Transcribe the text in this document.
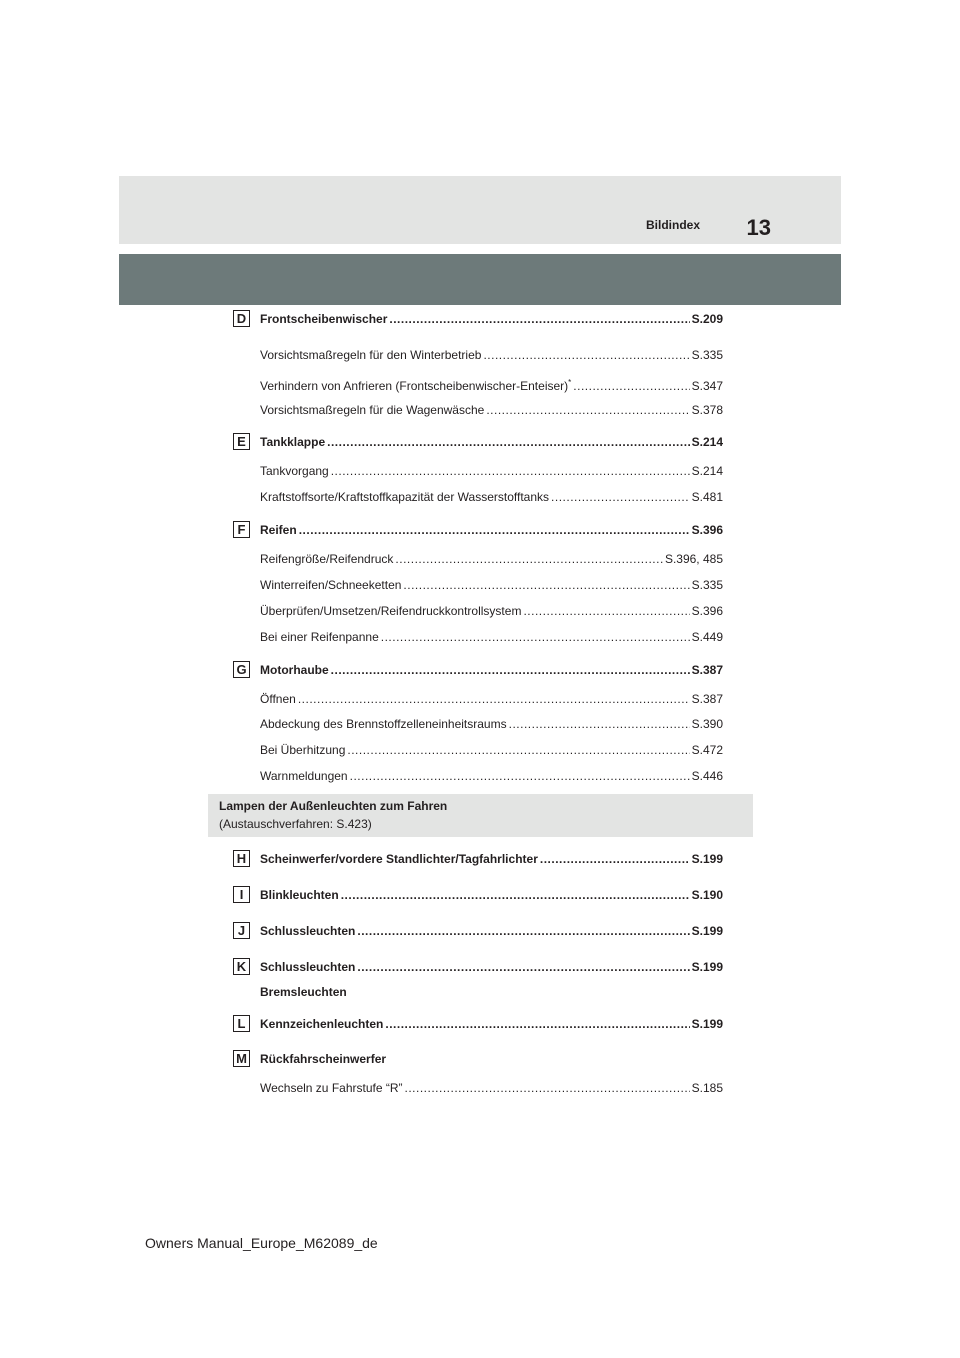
Bildindex 13
D	Frontscheibenwischer .....	S.209
Vorsichtsmaßregeln für den Winterbetrieb .....	S.335
Verhindern von Anfrieren (Frontscheibenwischer-Enteiser)* .....	S.347
Vorsichtsmaßregeln für die Wagenwäsche .....	S.378
E	Tankklappe .....	S.214
Tankvorgang .....	S.214
Kraftstoffsorte/Kraftstoffkapazität der Wasserstofftanks .....	S.481
F	Reifen .....	S.396
Reifengröße/Reifendruck .....	S.396, 485
Winterreifen/Schneeketten .....	S.335
Überprüfen/Umsetzen/Reifendruckkontrollsystem .....	S.396
Bei einer Reifenpanne .....	S.449
G Motorhaube .....	S.387
Öffnen .....	S.387
Abdeckung des Brennstoffzelleneinheitsraums .....	S.390
Bei Überhitzung .....	S.472
Warnmeldungen .....	S.446
Lampen der Außenleuchten zum Fahren
(Austauschverfahren: S.423)
H	Scheinwerfer/vordere Standlichter/Tagfahrlichter .....	S.199
I	Blinkleuchten .....	S.190
J	Schlussleuchten .....	S.199
K	Schlussleuchten .....	S.199
Bremsleuchten
L	Kennzeichenleuchten .....	S.199
M Rückfahrscheinwerfer
Wechseln zu Fahrstufe “R” .....	S.185
Owners Manual_Europe_M62089_de
